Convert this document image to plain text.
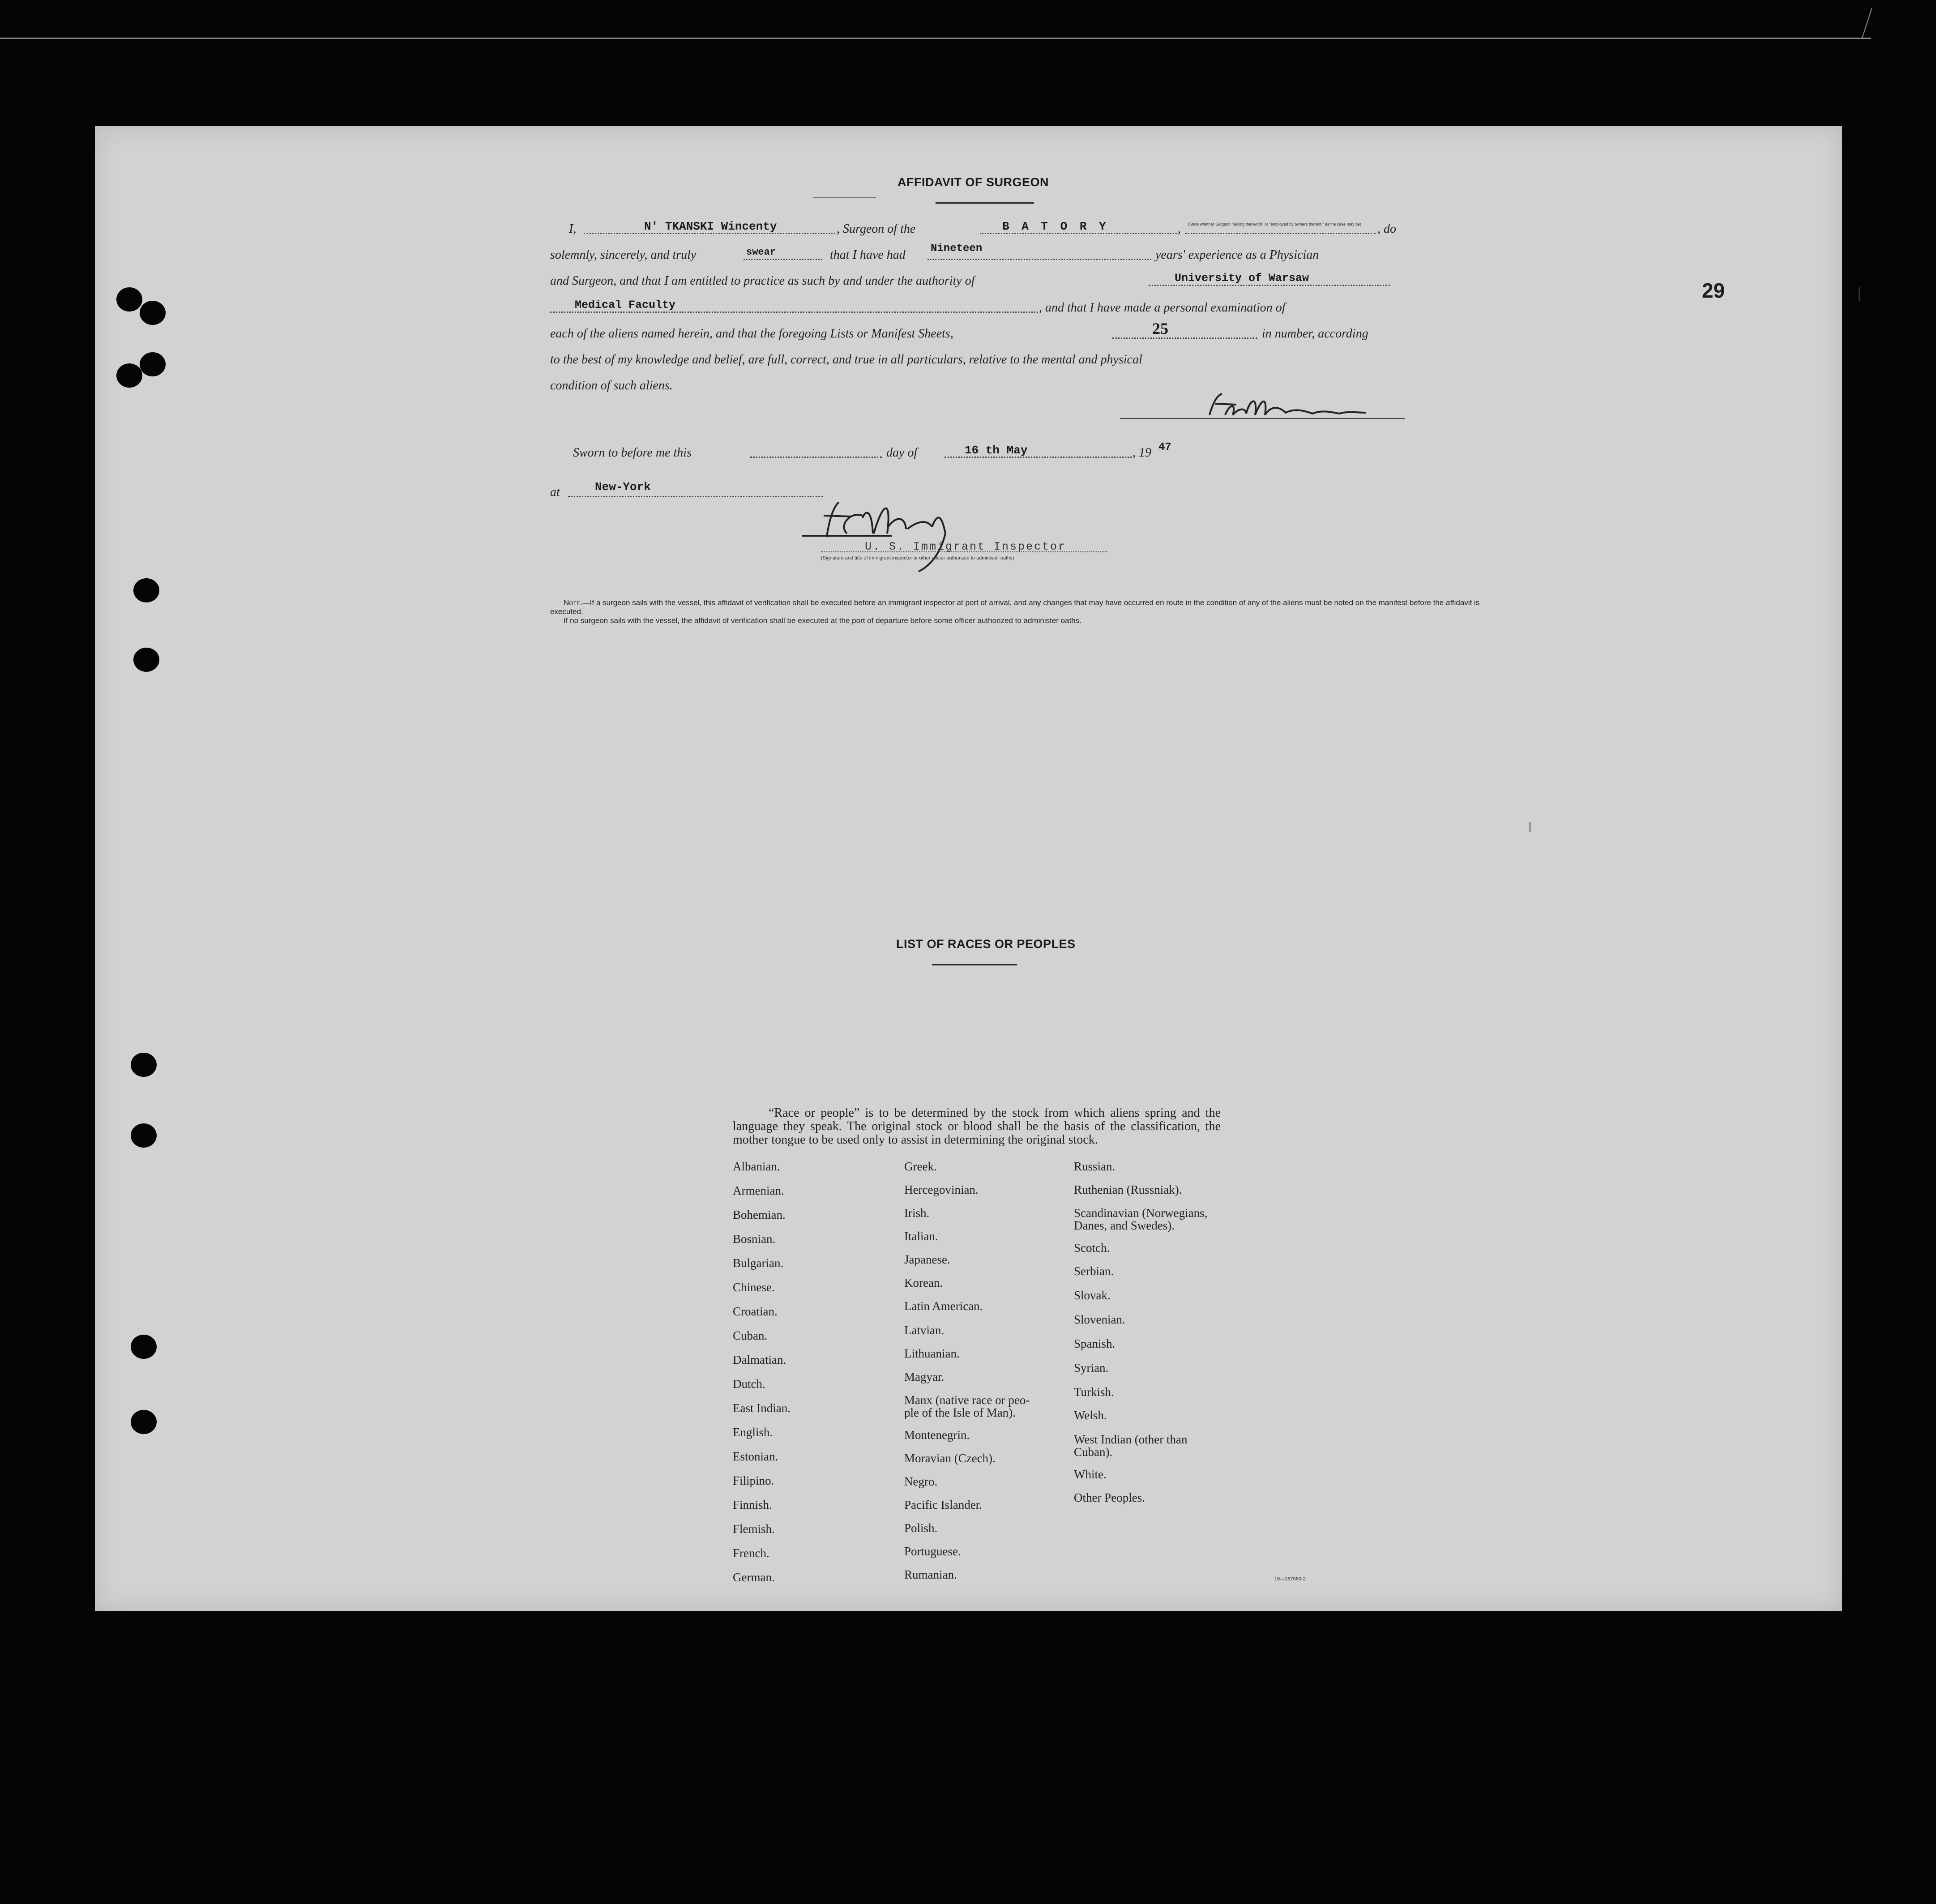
29
AFFIDAVIT OF SURGEON
I,	N' TKANSKI Wincenty	, Surgeon of the	B A T O R Y	, (State whether Surgeon "sailing therewith" or "employed by owners thereof," as the case may be)	, do
solemnly, sincerely, and truly	swear	that I have had Nineteen	years' experience as a Physician
and Surgeon, and that I am entitled to practice as such by and under the authority of	University of Warsaw
Medical Faculty	, and that I have made a personal examination of
each of the aliens named herein, and that the foregoing Lists or Manifest Sheets,	25	in number, according
to the best of my knowledge and belief, are full, correct, and true in all particulars, relative to the mental and physical
condition of such aliens.
Sworn to before me this	day of	16 th May	, 19 47
at	New-York
U. S. Immigrant Inspector
(Signature and title of immigrant inspector or other officer authorized to administer oaths)

Note.—If a surgeon sails with the vessel, this affidavit of verification shall be executed before an immigrant inspector at port of arrival, and any changes that may have occurred en route in the condition of any of the aliens must be noted on the manifest before the affidavit is executed.

If no surgeon sails with the vessel, the affidavit of verification shall be executed at the port of departure before some officer authorized to administer oaths.

LIST OF RACES OR PEOPLES
“Race or people” is to be determined by the stock from which aliens spring and the language they speak. The original stock or blood shall be the basis of the classification, the mother tongue to be used only to assist in determining the original stock.
Albanian.
Armenian.
Bohemian.
Bosnian.
Bulgarian.
Chinese.
Croatian.
Cuban.
Dalmatian.
Dutch.
East Indian.
English.
Estonian.
Filipino.
Finnish.
Flemish.
French.
German.
Greek.
Hercegovinian.
Irish.
Italian.
Japanese.
Korean.
Latin American.
Latvian.
Lithuanian.
Magyar.
Manx (native race or peo-
ple of the Isle of Man).
Montenegrin.
Moravian (Czech).
Negro.
Pacific Islander.
Polish.
Portuguese.
Rumanian.
Russian.
Ruthenian (Russniak).
Scandinavian (Norwegians,
Danes, and Swedes).
Scotch.
Serbian.
Slovak.
Slovenian.
Spanish.
Syrian.
Turkish.
Welsh.
West Indian (other than
Cuban).
White.
Other Peoples.
16—187060-2
